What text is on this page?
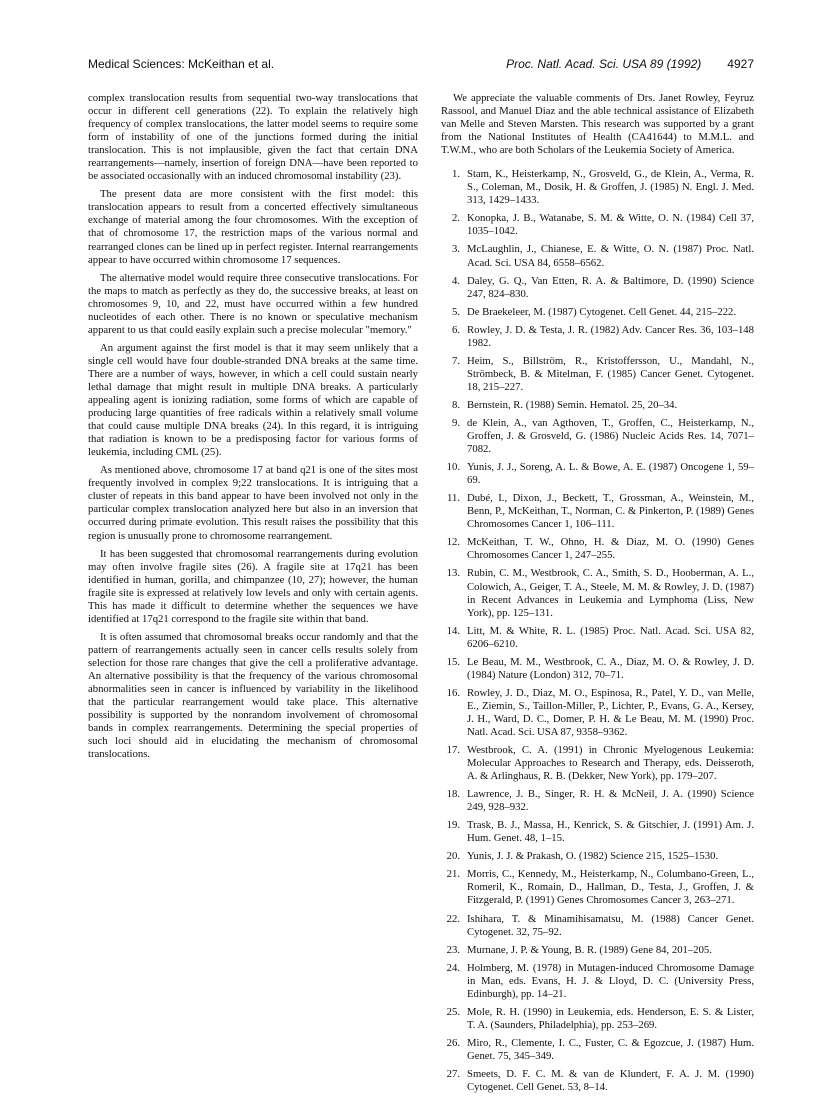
Medical Sciences: McKeithan et al.	Proc. Natl. Acad. Sci. USA 89 (1992) 4927

complex translocation results from sequential two-way translocations that occur in different cell generations (22). To explain the relatively high frequency of complex translocations, the latter model seems to require some form of instability of one of the junctions formed during the initial translocation. This is not implausible, given the fact that certain DNA rearrangements—namely, insertion of foreign DNA—have been reported to be associated occasionally with an induced chromosomal instability (23).

The present data are more consistent with the first model: this translocation appears to result from a concerted effectively simultaneous exchange of material among the four chromosomes. With the exception of that of chromosome 17, the restriction maps of the various normal and rearranged clones can be lined up in perfect register. Internal rearrangements appear to have occurred within chromosome 17 sequences.

The alternative model would require three consecutive translocations. For the maps to match as perfectly as they do, the successive breaks, at least on chromosomes 9, 10, and 22, must have occurred within a few hundred nucleotides of each other. There is no known or speculative mechanism apparent to us that could easily explain such a precise molecular "memory."

An argument against the first model is that it may seem unlikely that a single cell would have four double-stranded DNA breaks at the same time. There are a number of ways, however, in which a cell could sustain nearly lethal damage that might result in multiple DNA breaks. A particularly appealing agent is ionizing radiation, some forms of which are capable of producing large quantities of free radicals within a relatively small volume that could cause multiple DNA breaks (24). In this regard, it is intriguing that radiation is known to be a predisposing factor for various forms of leukemia, including CML (25).

As mentioned above, chromosome 17 at band q21 is one of the sites most frequently involved in complex 9;22 translocations. It is intriguing that a cluster of repeats in this band appear to have been involved not only in the particular complex translocation analyzed here but also in an inversion that occurred during primate evolution. This result raises the possibility that this region is unusually prone to chromosome rearrangement.

It has been suggested that chromosomal rearrangements during evolution may often involve fragile sites (26). A fragile site at 17q21 has been identified in human, gorilla, and chimpanzee (10, 27); however, the human fragile site is expressed at relatively low levels and only with certain agents. This has made it difficult to determine whether the sequences we have identified at 17q21 correspond to the fragile site within that band.

It is often assumed that chromosomal breaks occur randomly and that the pattern of rearrangements actually seen in cancer cells results solely from selection for those rare changes that give the cell a proliferative advantage. An alternative possibility is that the frequency of the various chromosomal abnormalities seen in cancer is influenced by variability in the likelihood that the particular rearrangement would take place. This alternative possibility is supported by the nonrandom involvement of chromosomal bands in complex rearrangements. Determining the special properties of such loci should aid in elucidating the mechanism of chromosomal translocations.

We appreciate the valuable comments of Drs. Janet Rowley, Feyruz Rassool, and Manuel Diaz and the able technical assistance of Elizabeth van Melle and Steven Marsten. This research was supported by a grant from the National Institutes of Health (CA41644) to M.M.L. and T.W.M., who are both Scholars of the Leukemia Society of America.

1. Stam, K., Heisterkamp, N., Grosveld, G., de Klein, A., Verma, R. S., Coleman, M., Dosik, H. & Groffen, J. (1985) N. Engl. J. Med. 313, 1429–1433.
2. Konopka, J. B., Watanabe, S. M. & Witte, O. N. (1984) Cell 37, 1035–1042.
3. McLaughlin, J., Chianese, E. & Witte, O. N. (1987) Proc. Natl. Acad. Sci. USA 84, 6558–6562.
4. Daley, G. Q., Van Etten, R. A. & Baltimore, D. (1990) Science 247, 824–830.
5. De Braekeleer, M. (1987) Cytogenet. Cell Genet. 44, 215–222.
6. Rowley, J. D. & Testa, J. R. (1982) Adv. Cancer Res. 36, 103–148 1982.
7. Heim, S., Billström, R., Kristoffersson, U., Mandahl, N., Strömbeck, B. & Mitelman, F. (1985) Cancer Genet. Cytogenet. 18, 215–227.
8. Bernstein, R. (1988) Semin. Hematol. 25, 20–34.
9. de Klein, A., van Agthoven, T., Groffen, C., Heisterkamp, N., Groffen, J. & Grosveld, G. (1986) Nucleic Acids Res. 14, 7071–7082.
10. Yunis, J. J., Soreng, A. L. & Bowe, A. E. (1987) Oncogene 1, 59–69.
11. Dubé, I., Dixon, J., Beckett, T., Grossman, A., Weinstein, M., Benn, P., McKeithan, T., Norman, C. & Pinkerton, P. (1989) Genes Chromosomes Cancer 1, 106–111.
12. McKeithan, T. W., Ohno, H. & Diaz, M. O. (1990) Genes Chromosomes Cancer 1, 247–255.
13. Rubin, C. M., Westbrook, C. A., Smith, S. D., Hooberman, A. L., Colowich, A., Geiger, T. A., Steele, M. M. & Rowley, J. D. (1987) in Recent Advances in Leukemia and Lymphoma (Liss, New York), pp. 125–131.
14. Litt, M. & White, R. L. (1985) Proc. Natl. Acad. Sci. USA 82, 6206–6210.
15. Le Beau, M. M., Westbrook, C. A., Diaz, M. O. & Rowley, J. D. (1984) Nature (London) 312, 70–71.
16. Rowley, J. D., Diaz, M. O., Espinosa, R., Patel, Y. D., van Melle, E., Ziemin, S., Taillon-Miller, P., Lichter, P., Evans, G. A., Kersey, J. H., Ward, D. C., Domer, P. H. & Le Beau, M. M. (1990) Proc. Natl. Acad. Sci. USA 87, 9358–9362.
17. Westbrook, C. A. (1991) in Chronic Myelogenous Leukemia: Molecular Approaches to Research and Therapy, eds. Deisseroth, A. & Arlinghaus, R. B. (Dekker, New York), pp. 179–207.
18. Lawrence, J. B., Singer, R. H. & McNeil, J. A. (1990) Science 249, 928–932.
19. Trask, B. J., Massa, H., Kenrick, S. & Gitschier, J. (1991) Am. J. Hum. Genet. 48, 1–15.
20. Yunis, J. J. & Prakash, O. (1982) Science 215, 1525–1530.
21. Morris, C., Kennedy, M., Heisterkamp, N., Columbano-Green, L., Romeril, K., Romain, D., Hallman, D., Testa, J., Groffen, J. & Fitzgerald, P. (1991) Genes Chromosomes Cancer 3, 263–271.
22. Ishihara, T. & Minamihisamatsu, M. (1988) Cancer Genet. Cytogenet. 32, 75–92.
23. Murnane, J. P. & Young, B. R. (1989) Gene 84, 201–205.
24. Holmberg, M. (1978) in Mutagen-induced Chromosome Damage in Man, eds. Evans, H. J. & Lloyd, D. C. (University Press, Edinburgh), pp. 14–21.
25. Mole, R. H. (1990) in Leukemia, eds. Henderson, E. S. & Lister, T. A. (Saunders, Philadelphia), pp. 253–269.
26. Miro, R., Clemente, I. C., Fuster, C. & Egozcue, J. (1987) Hum. Genet. 75, 345–349.
27. Smeets, D. F. C. M. & van de Klundert, F. A. J. M. (1990) Cytogenet. Cell Genet. 53, 8–14.
